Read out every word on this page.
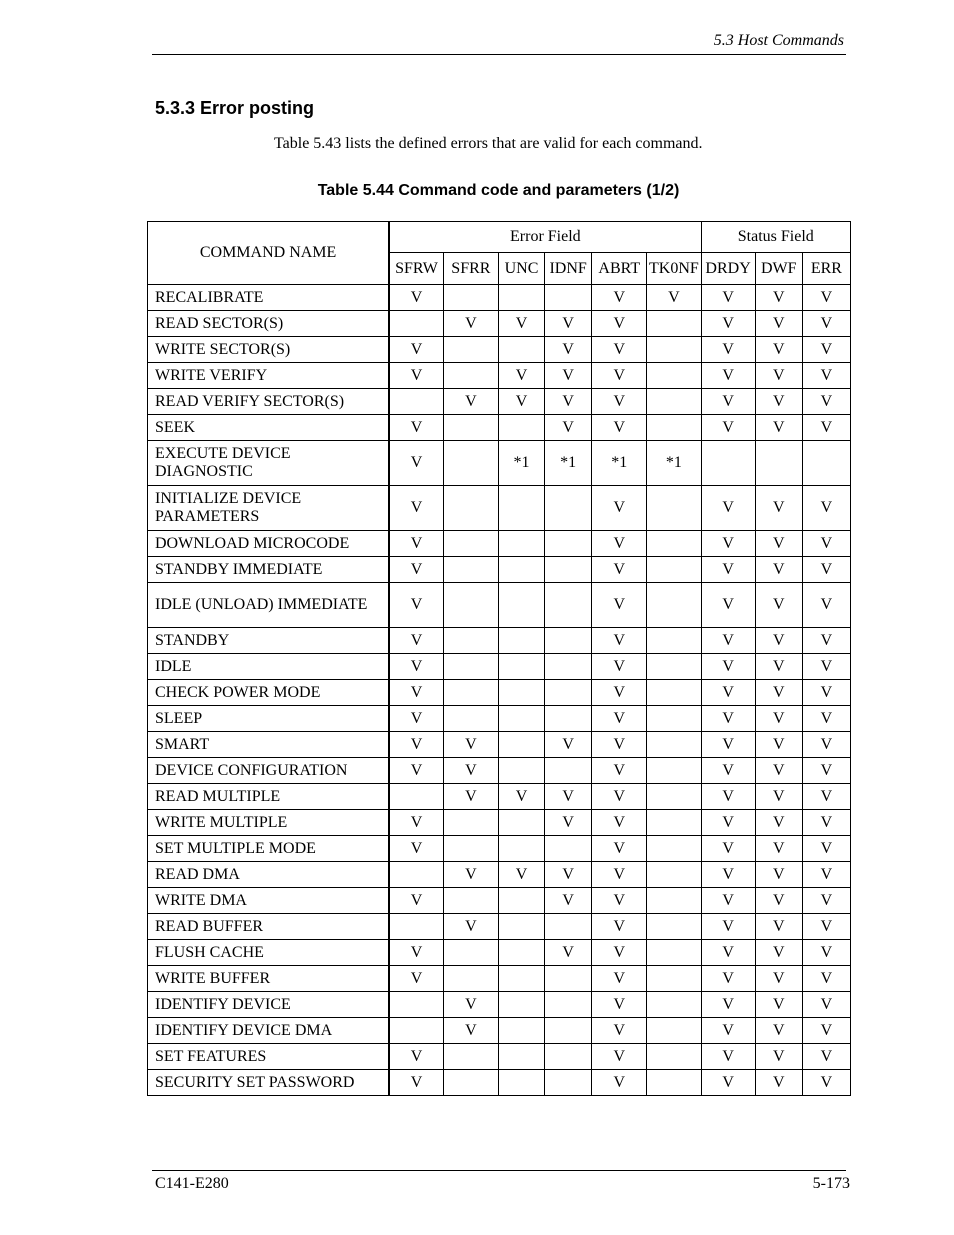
5.3 Host Commands
5.3.3 Error posting
Table 5.43 lists the defined errors that are valid for each command.
Table 5.44 Command code and parameters (1/2)
COMMAND NAME	Error Field						Status Field		
	SFRW	SFRR	UNC	IDNF	ABRT	TK0NF	DRDY	DWF	ERR
RECALIBRATE	V				V	V	V	V	V
READ SECTOR(S)		V	V	V	V		V	V	V
WRITE SECTOR(S)	V			V	V		V	V	V
WRITE VERIFY	V		V	V	V		V	V	V
READ VERIFY SECTOR(S)		V	V	V	V		V	V	V
SEEK	V			V	V		V	V	V
EXECUTE DEVICE DIAGNOSTIC	V		*1	*1	*1	*1			
INITIALIZE DEVICE PARAMETERS	V				V		V	V	V
DOWNLOAD MICROCODE	V				V		V	V	V
STANDBY IMMEDIATE	V				V		V	V	V
IDLE (UNLOAD) IMMEDIATE	V				V		V	V	V
STANDBY	V				V		V	V	V
IDLE	V				V		V	V	V
CHECK POWER MODE	V				V		V	V	V
SLEEP	V				V		V	V	V
SMART	V	V		V	V		V	V	V
DEVICE CONFIGURATION	V	V			V		V	V	V
READ MULTIPLE		V	V	V	V		V	V	V
WRITE MULTIPLE	V			V	V		V	V	V
SET MULTIPLE MODE	V				V		V	V	V
READ DMA		V	V	V	V		V	V	V
WRITE DMA	V			V	V		V	V	V
READ BUFFER		V			V		V	V	V
FLUSH CACHE	V			V	V		V	V	V
WRITE BUFFER	V				V		V	V	V
IDENTIFY DEVICE		V			V		V	V	V
IDENTIFY DEVICE DMA		V			V		V	V	V
SET FEATURES	V				V		V	V	V
SECURITY SET PASSWORD	V				V		V	V	V
C141-E280	5-173
